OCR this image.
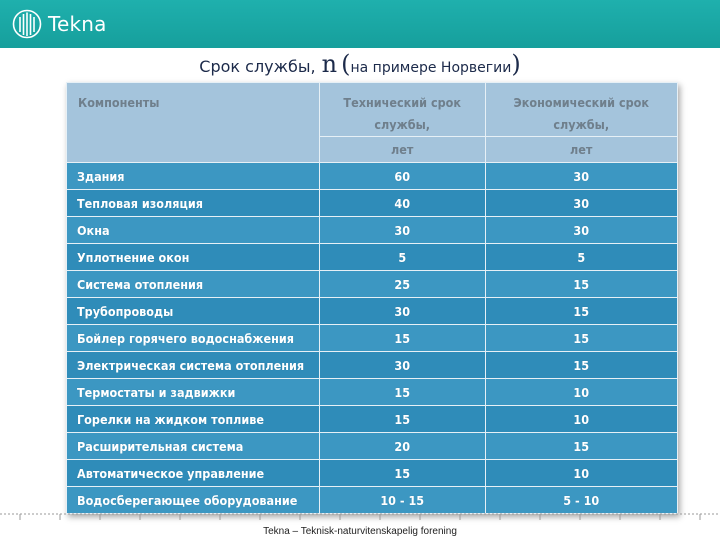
Tekna
Срок службы, n (на примере Норвегии)
Компоненты	Технический срок службы,	Экономический срок службы,
	лет	лет
Здания	60	30
Тепловая изоляция	40	30
Окна	30	30
Уплотнение окон	5	5
Система отопления	25	15
Трубопроводы	30	15
Бойлер горячего водоснабжения	15	15
Электрическая система отопления	30	15
Термостаты и задвижки	15	10
Горелки на жидком топливе	15	10
Расширительная система	20	15
Автоматическое управление	15	10
Водосберегающее оборудование	10 - 15	5 - 10
Tekna – Teknisk-naturvitenskapelig forening
